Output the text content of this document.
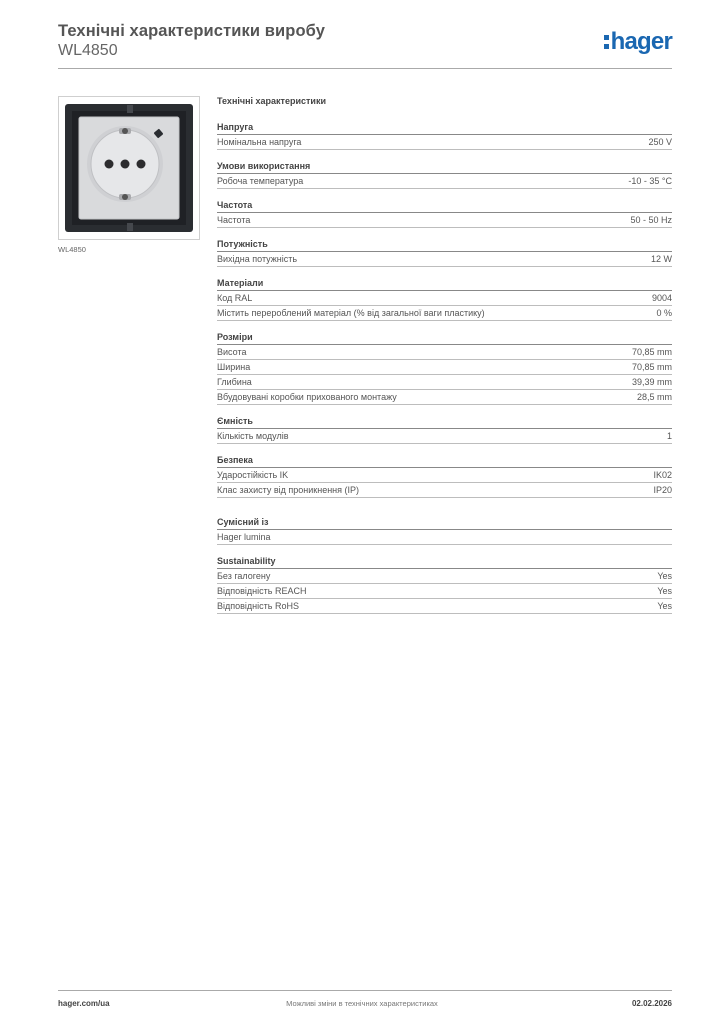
Технічні характеристики виробу
WL4850	hager
WL4850
Технічні характеристики
Напруга
Номінальна напруга	250 V
Умови використання
Робоча температура	-10 - 35 °C
Частота
Частота	50 - 50 Hz
Потужність
Вихідна потужність	12 W
Матеріали
Код RAL	9004
Містить перероблений матеріал (% від загальної ваги пластику)	0 %
Розміри
Висота	70,85 mm
Ширина	70,85 mm
Глибина	39,39 mm
Вбудовувані коробки прихованого монтажу	28,5 mm
Ємність
Кількість модулів	1
Безпека
Ударостійкість IK	IK02
Клас захисту від проникнення (IP)	IP20
Сумісний із
Hager lumina
Sustainability
Без галогену	Yes
Відповідність REACH	Yes
Відповідність RoHS	Yes
hager.com/ua	Можливі зміни в технічних характеристиках	02.02.2026
